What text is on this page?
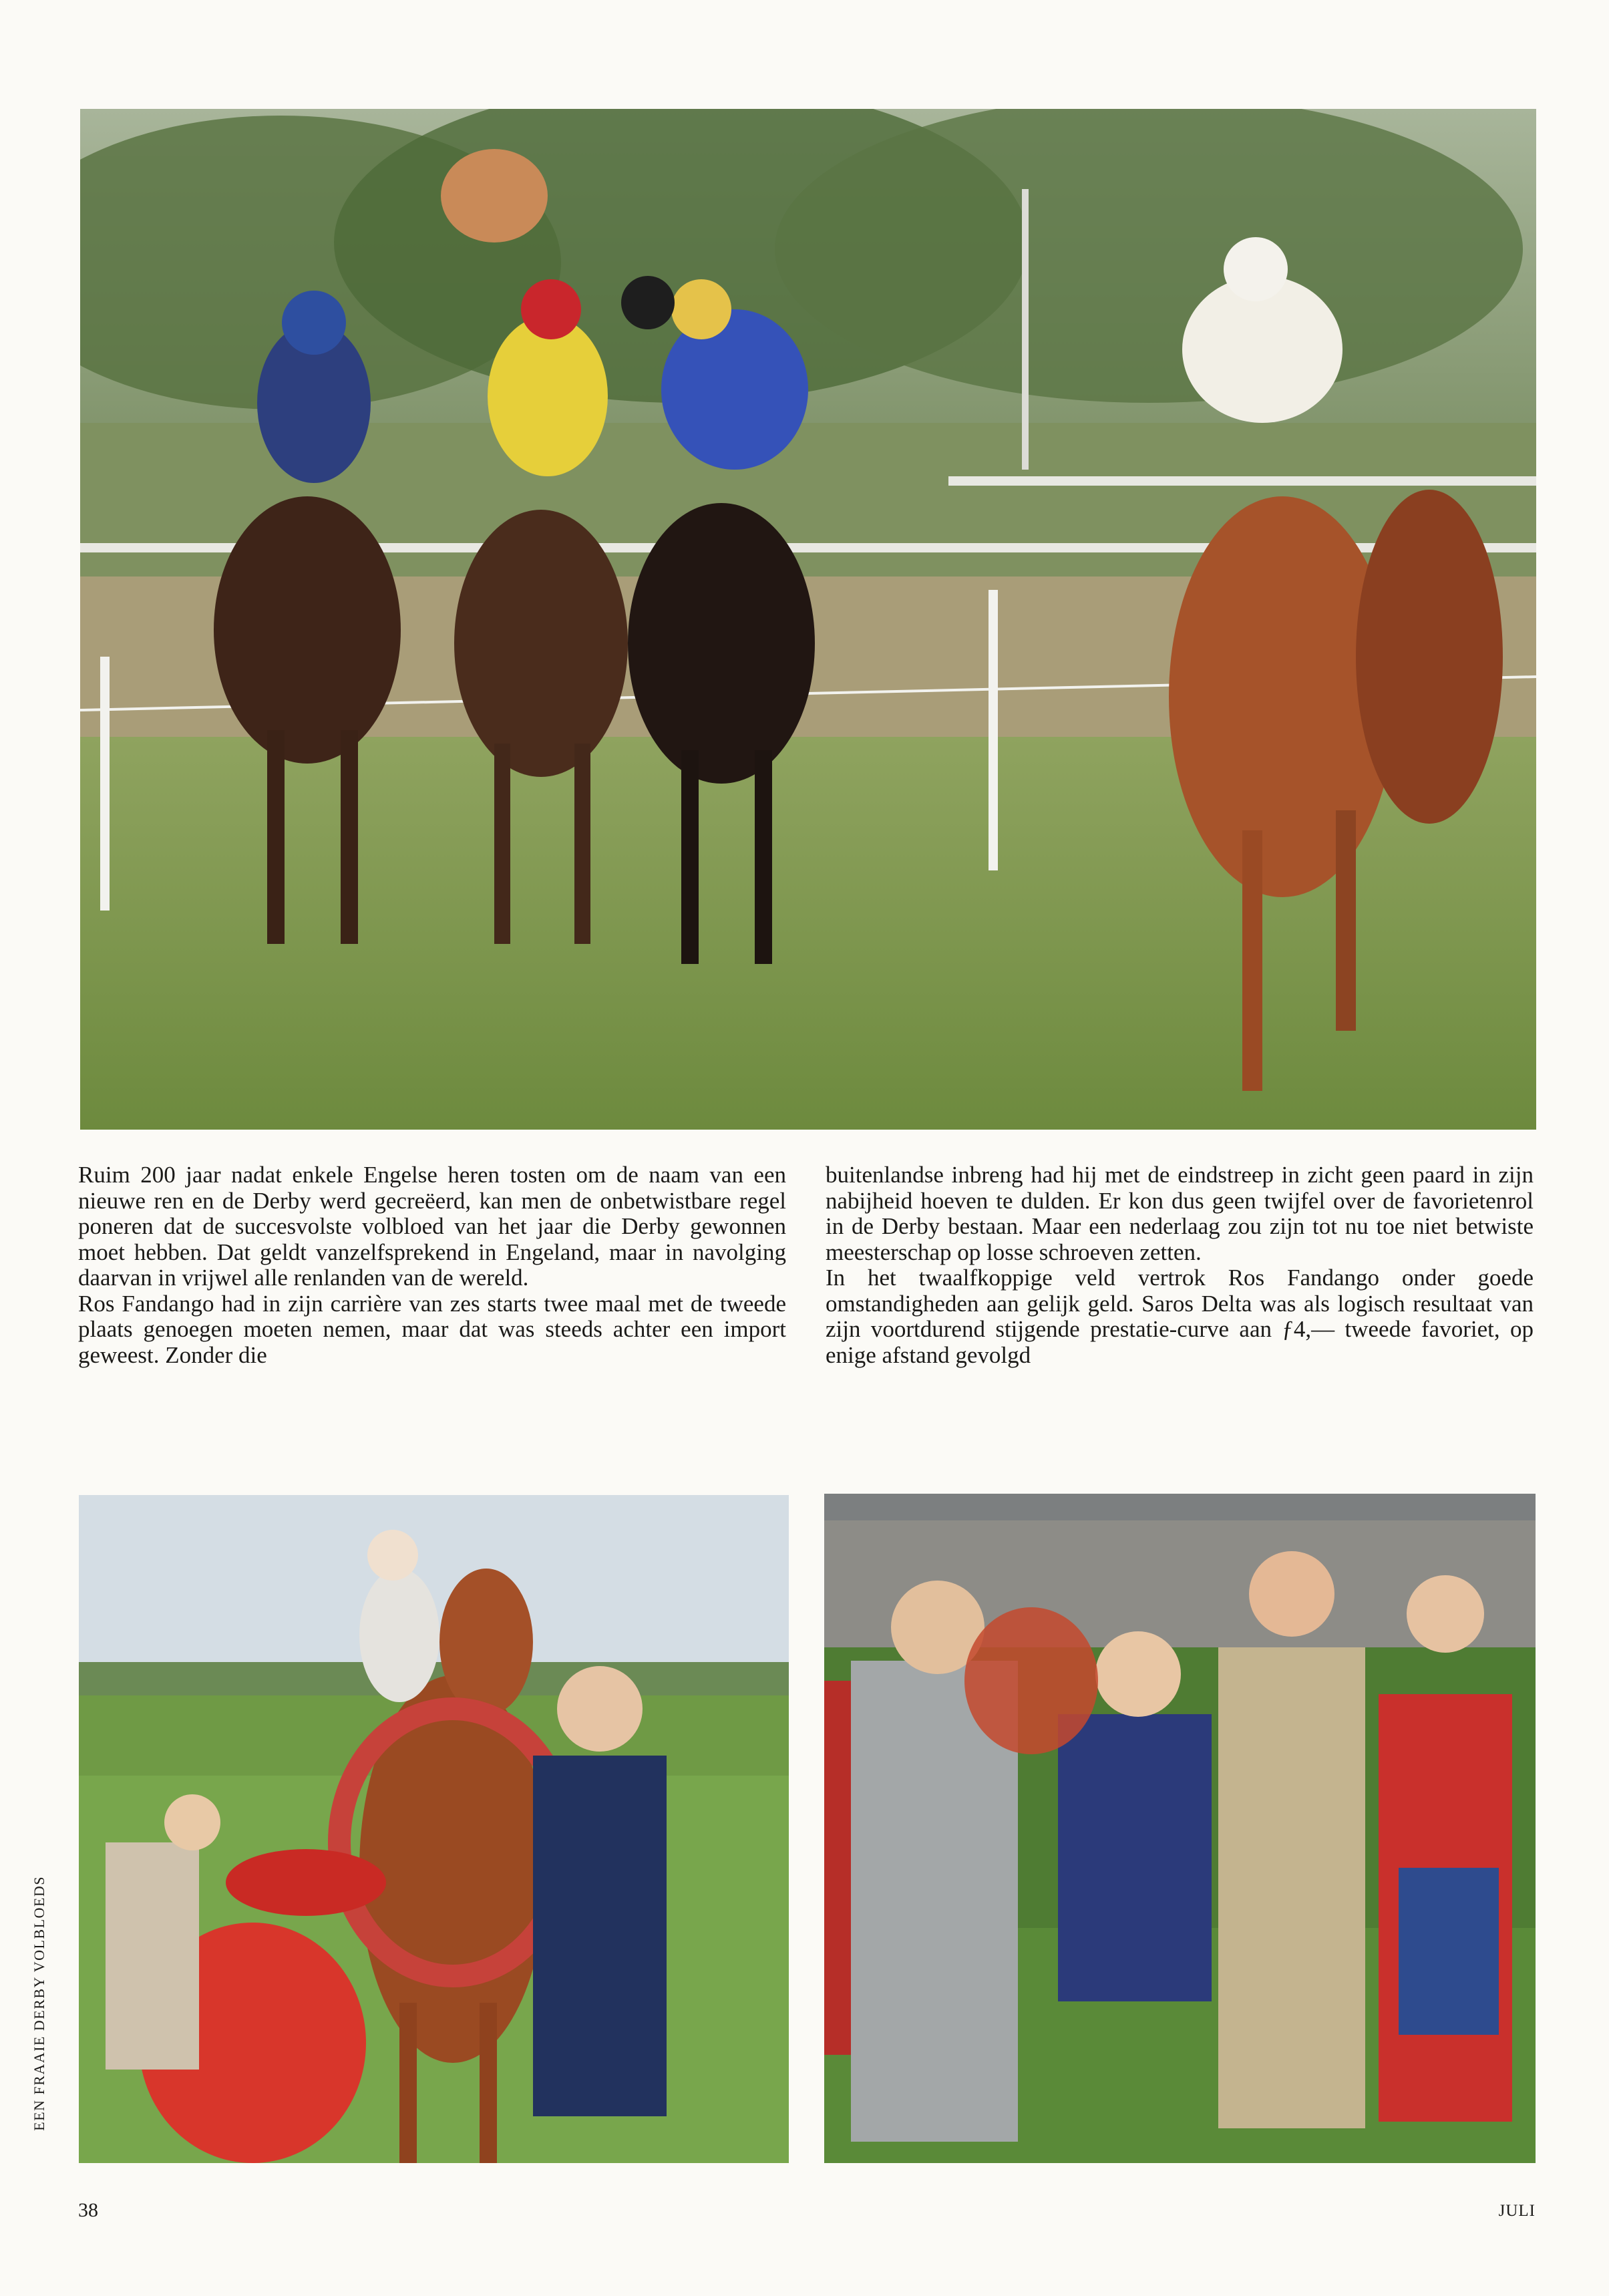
Ruim 200 jaar nadat enkele Engelse heren tosten om de naam van een nieuwe ren en de Derby werd gecreëerd, kan men de onbetwistbare regel poneren dat de succesvolste volbloed van het jaar die Derby gewonnen moet hebben. Dat geldt vanzelfsprekend in Engeland, maar in navolging daarvan in vrijwel alle renlanden van de wereld.

Ros Fandango had in zijn carrière van zes starts twee maal met de tweede plaats genoegen moeten nemen, maar dat was steeds achter een import geweest. Zonder die

buitenlandse inbreng had hij met de eindstreep in zicht geen paard in zijn nabijheid hoeven te dulden. Er kon dus geen twijfel over de favorietenrol in de Derby bestaan. Maar een nederlaag zou zijn tot nu toe niet betwiste meesterschap op losse schroeven zetten.

In het twaalfkoppige veld vertrok Ros Fandango onder goede omstandigheden aan gelijk geld. Saros Delta was als logisch resultaat van zijn voortdurend stijgende prestatie-curve aan ƒ4,— tweede favoriet, op enige afstand gevolgd

EEN FRAAIE DERBY VOLBLOEDS
38	JULI
